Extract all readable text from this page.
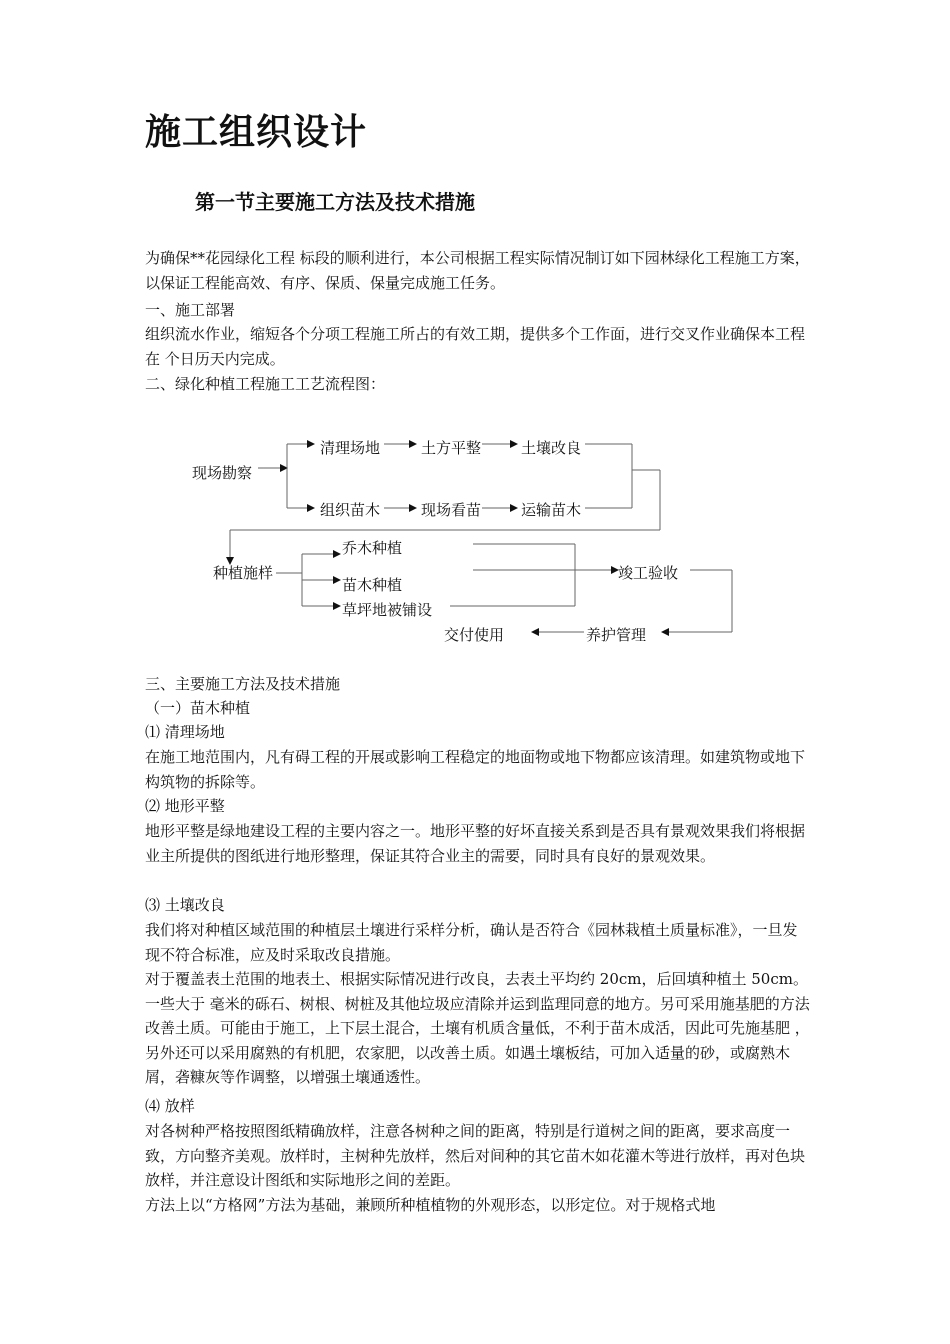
施工组织设计
第一节主要施工方法及技术措施

为确保**花园绿化工程 标段的顺利进行，本公司根据工程实际情况制订如下园林绿化工程施工方案，以保证工程能高效、有序、保质、保量完成施工任务。

一、施工部署

组织流水作业，缩短各个分项工程施工所占的有效工期，提供多个工作面，进行交叉作业确保本工程在 个日历天内完成。

二、绿化种植工程施工工艺流程图：

现场勘察
清理场地	土方平整	土壤改良
组织苗木	现场看苗	运输苗木
种植施样
乔木种植
苗木种植
草坪地被铺设
竣工验收
交付使用	养护管理

三、主要施工方法及技术措施

（一）苗木种植

⑴ 清理场地

在施工地范围内，凡有碍工程的开展或影响工程稳定的地面物或地下物都应该清理。如建筑物或地下构筑物的拆除等。

⑵ 地形平整

地形平整是绿地建设工程的主要内容之一。地形平整的好坏直接关系到是否具有景观效果我们将根据业主所提供的图纸进行地形整理，保证其符合业主的需要，同时具有良好的景观效果。

⑶ 土壤改良

我们将对种植区域范围的种植层土壤进行采样分析，确认是否符合《园林栽植土质量标准》，一旦发现不符合标准，应及时采取改良措施。

对于覆盖表土范围的地表土、根据实际情况进行改良，去表土平均约 20cm，后回填种植土 50cm。一些大于 毫米的砾石、树根、树桩及其他垃圾应清除并运到监理同意的地方。另可采用施基肥的方法改善土质。可能由于施工，上下层土混合，土壤有机质含量低，不利于苗木成活，因此可先施基肥 ，另外还可以采用腐熟的有机肥，农家肥，以改善土质。如遇土壤板结，可加入适量的砂，或腐熟木屑，砻糠灰等作调整，以增强土壤通透性。

⑷ 放样

对各树种严格按照图纸精确放样，注意各树种之间的距离，特别是行道树之间的距离，要求高度一致，方向整齐美观。放样时，主树种先放样，然后对间种的其它苗木如花灌木等进行放样，再对色块放样，并注意设计图纸和实际地形之间的差距。

方法上以“方格网”方法为基础，兼顾所种植植物的外观形态，以形定位。对于规格式地
